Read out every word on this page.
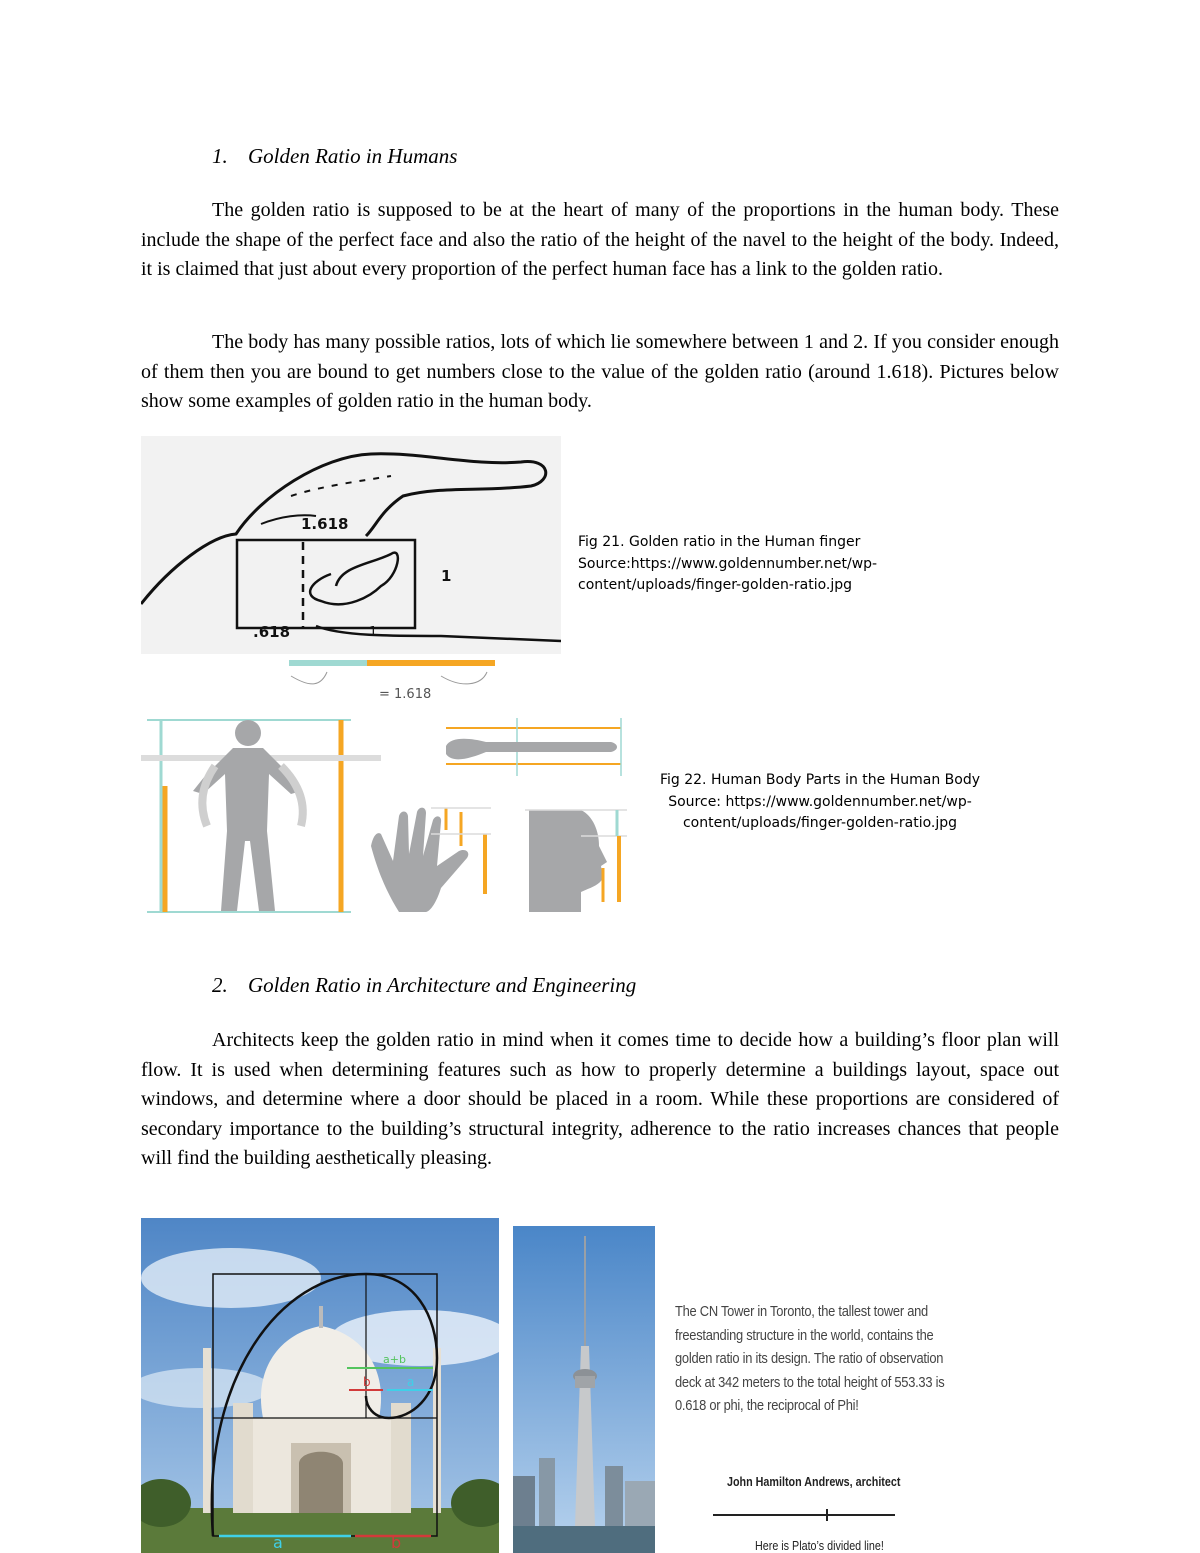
1. Golden Ratio in Humans
The golden ratio is supposed to be at the heart of many of the proportions in the human body. These include the shape of the perfect face and also the ratio of the height of the navel to the height of the body. Indeed, it is claimed that just about every proportion of the perfect human face has a link to the golden ratio.
The body has many possible ratios, lots of which lie somewhere between 1 and 2. If you consider enough of them then you are bound to get numbers close to the value of the golden ratio (around 1.618). Pictures below show some examples of golden ratio in the human body.
1.618
1
.618	1
= 1.618
Fig 21. Golden ratio in the Human finger
Source:https://www.goldennumber.net/wp-
content/uploads/finger-golden-ratio.jpg
Fig 22. Human Body Parts in the Human Body
Source: https://www.goldennumber.net/wp-
content/uploads/finger-golden-ratio.jpg
2. Golden Ratio in Architecture and Engineering
Architects keep the golden ratio in mind when it comes time to decide how a building’s floor plan will flow. It is used when determining features such as how to properly determine a buildings layout, space out windows, and determine where a door should be placed in a room. While these proportions are considered of secondary importance to the building’s structural integrity, adherence to the ratio increases chances that people will find the building aesthetically pleasing.
a+b
b	a
a	b
The CN Tower in Toronto, the tallest tower and freestanding structure in the world, contains the golden ratio in its design. The ratio of observation deck at 342 meters to the total height of 553.33 is 0.618 or phi, the reciprocal of Phi!
John Hamilton Andrews, architect
Here is Plato’s divided line!
